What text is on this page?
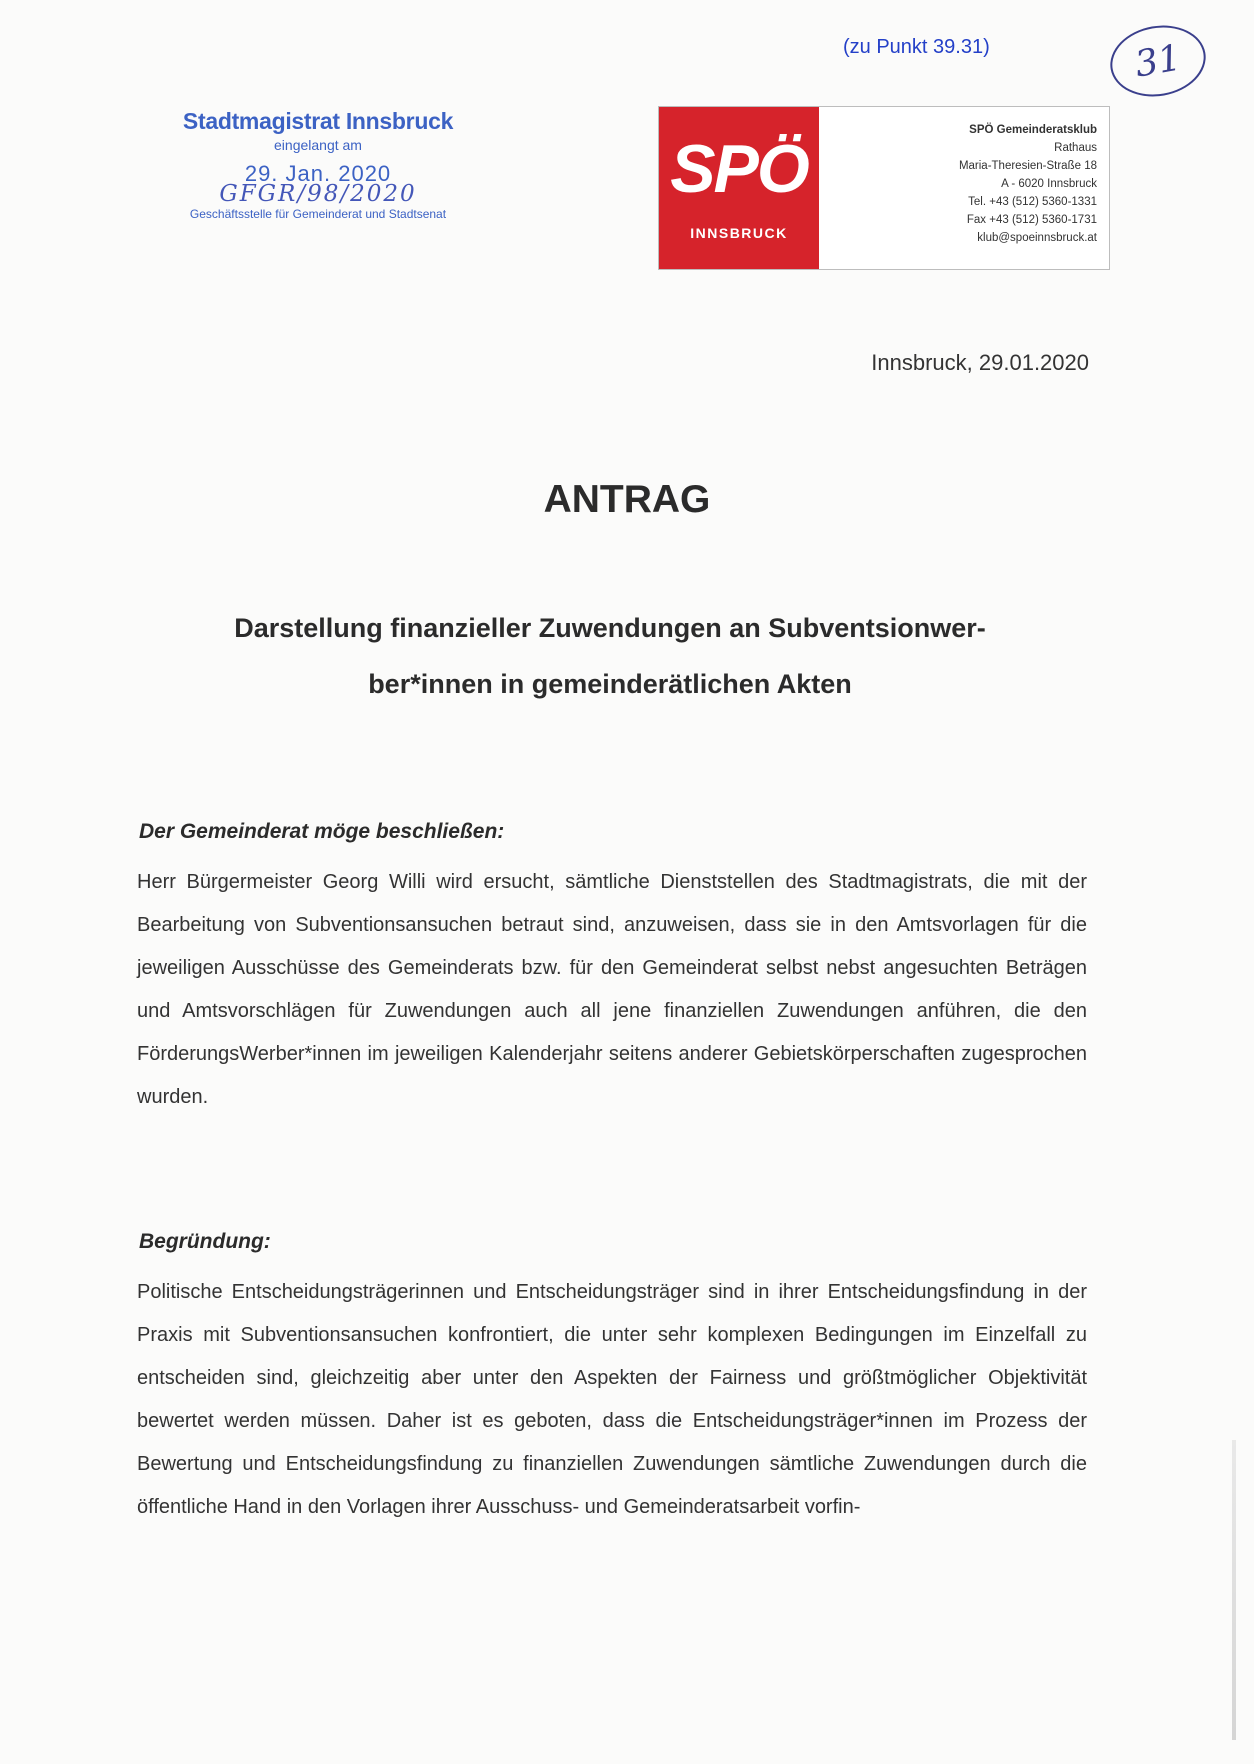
(zu Punkt 39.31)	31
Stadtmagistrat Innsbruck
eingelangt am
29. Jan. 2020
GFGR/98/2020
Geschäftsstelle für Gemeinderat und Stadtsenat
SPÖ
INNSBRUCK
SPÖ Gemeinderatsklub
Rathaus
Maria-Theresien-Straße 18
A - 6020 Innsbruck
Tel. +43 (512) 5360-1331
Fax +43 (512) 5360-1731
klub@spoeinnsbruck.at
Innsbruck, 29.01.2020
ANTRAG
Darstellung finanzieller Zuwendungen an Subventsionwer-
ber*innen in gemeinderätlichen Akten
Der Gemeinderat möge beschließen:
Herr Bürgermeister Georg Willi wird ersucht, sämtliche Dienststellen des Stadtmagistrats, die mit der Bearbeitung von Subventionsansuchen betraut sind, anzuweisen, dass sie in den Amtsvorlagen für die jeweiligen Ausschüsse des Gemeinderats bzw. für den Gemeinderat selbst nebst angesuchten Beträgen und Amtsvorschlägen für Zuwendungen auch all jene finanziellen Zuwendungen anführen, die den FörderungsWerber*innen im jeweiligen Kalenderjahr seitens anderer Gebietskörperschaften zugesprochen wurden.
Begründung:
Politische Entscheidungsträgerinnen und Entscheidungsträger sind in ihrer Entscheidungsfindung in der Praxis mit Subventionsansuchen konfrontiert, die unter sehr komplexen Bedingungen im Einzelfall zu entscheiden sind, gleichzeitig aber unter den Aspekten der Fairness und größtmöglicher Objektivität bewertet werden müssen. Daher ist es geboten, dass die Entscheidungsträger*innen im Prozess der Bewertung und Entscheidungsfindung zu finanziellen Zuwendungen sämtliche Zuwendungen durch die öffentliche Hand in den Vorlagen ihrer Ausschuss- und Gemeinderatsarbeit vorfin-
